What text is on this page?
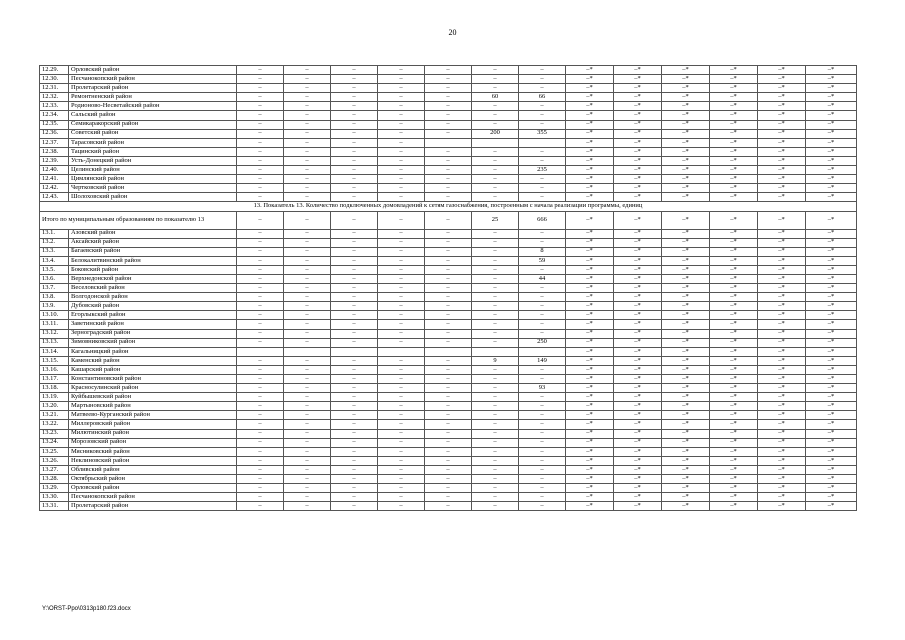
20
12.29.	Орловский район	–	–	–	–	–	–	–	–*	–*	–*	–*	–*	–*
12.30.	Песчанокопский район	–	–	–	–	–	–	–	–*	–*	–*	–*	–*	–*
12.31.	Пролетарский район	–	–	–	–	–	–	–	–*	–*	–*	–*	–*	–*
12.32.	Ремонтненский район	–	–	–	–	–	60	66	–*	–*	–*	–*	–*	–*
12.33.	Родионово-Несветайский район	–	–	–	–	–	–	–	–*	–*	–*	–*	–*	–*
12.34.	Сальский район	–	–	–	–	–	–	–	–*	–*	–*	–*	–*	–*
12.35.	Семикаракорский район	–	–	–	–	–	–	–	–*	–*	–*	–*	–*	–*
12.36.	Советский район	–	–	–	–	–	200	355	–*	–*	–*	–*	–*	–*
12.37.	Тарасовский район	–	–	–	–				–*	–*	–*	–*	–*	–*
12.38.	Тацинский район	–	–	–	–	–	–	–	–*	–*	–*	–*	–*	–*
12.39.	Усть-Донецкий район	–	–	–	–	–	–	–	–*	–*	–*	–*	–*	–*
12.40.	Целинский район	–	–	–	–	–	–	235	–*	–*	–*	–*	–*	–*
12.41.	Цимлянский район	–	–	–	–	–	–	–	–*	–*	–*	–*	–*	–*
12.42.	Чертковский район	–	–	–	–	–	–	–	–*	–*	–*	–*	–*	–*
12.43.	Шолоховский район	–	–	–	–	–	–	–	–*	–*	–*	–*	–*	–*
13. Показатель 13. Количество подключенных домовладений к сетям газоснабжения, построенным с начала реализации программы, единиц														
Итого по муниципальным образованиям по показателю 13		–	–	–	–	–	25	666	–*	–*	–*	–*	–*	–*
13.1.	Азовский район	–	–	–	–	–	–	–	–*	–*	–*	–*	–*	–*
13.2.	Аксайский район	–	–	–	–	–	–	–	–*	–*	–*	–*	–*	–*
13.3.	Багаевский район	–	–	–	–	–	–	8	–*	–*	–*	–*	–*	–*
13.4.	Белокалитвинский район	–	–	–	–	–	–	59	–*	–*	–*	–*	–*	–*
13.5.	Боковский район	–	–	–	–	–	–	–	–*	–*	–*	–*	–*	–*
13.6.	Верхнедонской район	–	–	–	–	–	–	44	–*	–*	–*	–*	–*	–*
13.7.	Веселовский район	–	–	–	–	–	–	–	–*	–*	–*	–*	–*	–*
13.8.	Волгодонской район	–	–	–	–	–	–	–	–*	–*	–*	–*	–*	–*
13.9.	Дубовский район	–	–	–	–	–	–	–	–*	–*	–*	–*	–*	–*
13.10.	Егорлыкский район	–	–	–	–	–	–	–	–*	–*	–*	–*	–*	–*
13.11.	Заветинский район	–	–	–	–	–	–	–	–*	–*	–*	–*	–*	–*
13.12.	Зерноградский район	–	–	–	–	–	–	–	–*	–*	–*	–*	–*	–*
13.13.	Зимовниковский район	–	–	–	–	–	–	250	–*	–*	–*	–*	–*	–*
13.14.	Кагальницкий район								–*	–*	–*	–*	–*	–*
13.15.	Каменский район	–	–	–	–	–	9	149	–*	–*	–*	–*	–*	–*
13.16.	Кашарский район	–	–	–	–	–	–	–	–*	–*	–*	–*	–*	–*
13.17.	Константиновский район	–	–	–	–	–	–	–	–*	–*	–*	–*	–*	–*
13.18.	Красносулинский район	–	–	–	–	–	–	93	–*	–*	–*	–*	–*	–*
13.19.	Куйбышевский район	–	–	–	–	–	–	–	–*	–*	–*	–*	–*	–*
13.20.	Мартыновский район	–	–	–	–	–	–	–	–*	–*	–*	–*	–*	–*
13.21.	Матвеево-Курганский район	–	–	–	–	–	–	–	–*	–*	–*	–*	–*	–*
13.22.	Миллеровский район	–	–	–	–	–	–	–	–*	–*	–*	–*	–*	–*
13.23.	Милютинский район	–	–	–	–	–	–	–	–*	–*	–*	–*	–*	–*
13.24.	Морозовский район	–	–	–	–	–	–	–	–*	–*	–*	–*	–*	–*
13.25.	Мясниковский район	–	–	–	–	–	–	–	–*	–*	–*	–*	–*	–*
13.26.	Неклиновский район	–	–	–	–	–	–	–	–*	–*	–*	–*	–*	–*
13.27.	Обливский район	–	–	–	–	–	–	–	–*	–*	–*	–*	–*	–*
13.28.	Октябрьский район	–	–	–	–	–	–	–	–*	–*	–*	–*	–*	–*
13.29.	Орловский район	–	–	–	–	–	–	–	–*	–*	–*	–*	–*	–*
13.30.	Песчанокопский район	–	–	–	–	–	–	–	–*	–*	–*	–*	–*	–*
13.31.	Пролетарский район	–	–	–	–	–	–	–	–*	–*	–*	–*	–*	–*
Y:\ORST-Ppo\0313p180.f23.docx
